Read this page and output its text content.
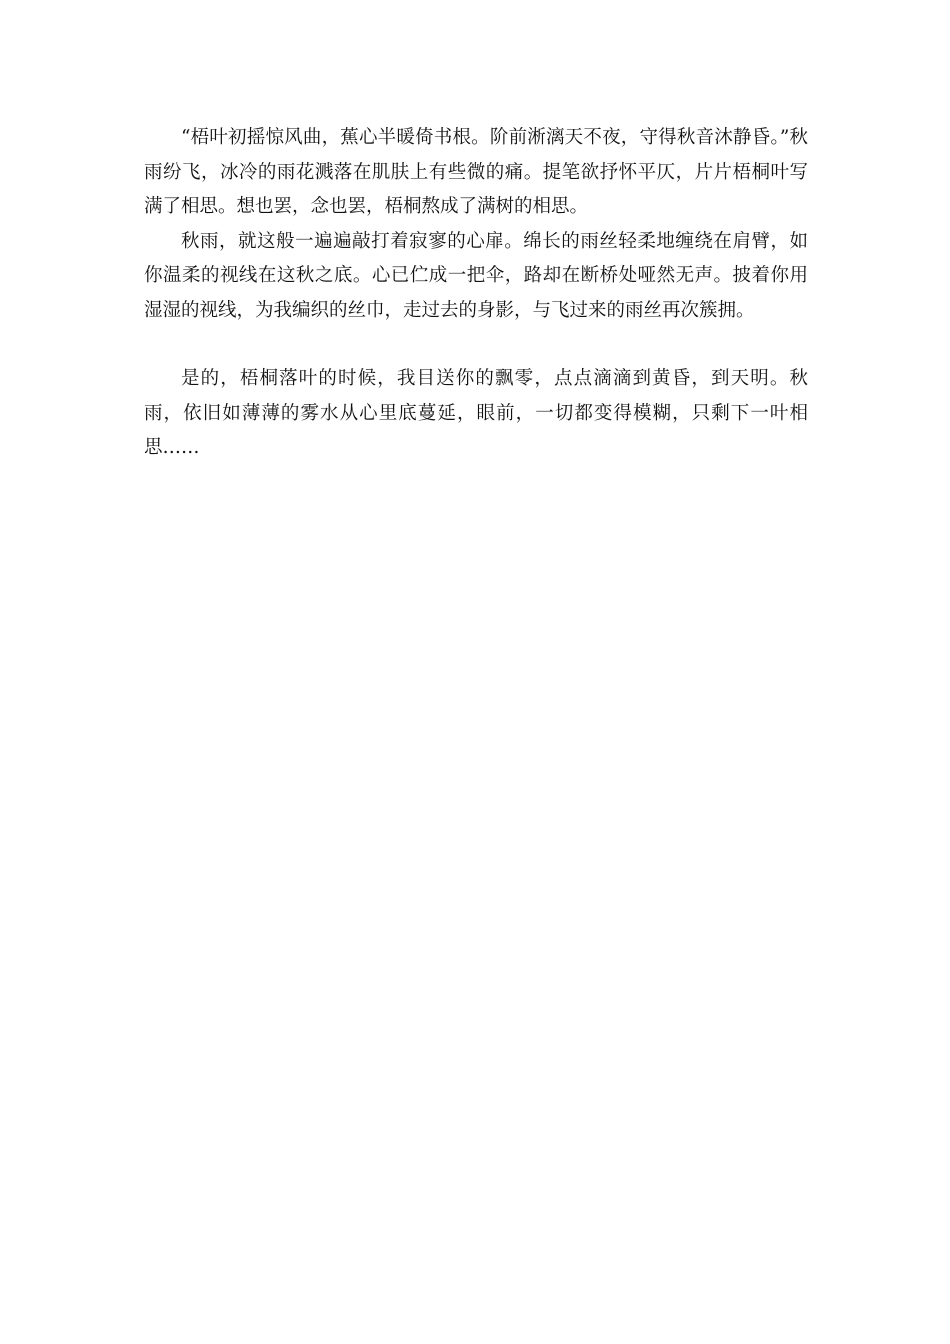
“梧叶初摇惊风曲，蕉心半暖倚书根。阶前淅漓天不夜，守得秋音沐静昏。”秋雨纷飞，冰冷的雨花溅落在肌肤上有些微的痛。提笔欲抒怀平仄，片片梧桐叶写满了相思。想也罢，念也罢，梧桐熬成了满树的相思。

秋雨，就这般一遍遍敲打着寂寥的心扉。绵长的雨丝轻柔地缠绕在肩臂，如你温柔的视线在这秋之底。心已伫成一把伞，路却在断桥处哑然无声。披着你用湿湿的视线，为我编织的丝巾，走过去的身影，与飞过来的雨丝再次簇拥。

是的，梧桐落叶的时候，我目送你的飘零，点点滴滴到黄昏，到天明。秋雨，依旧如薄薄的雾水从心里底蔓延，眼前，一切都变得模糊，只剩下一叶相思……
